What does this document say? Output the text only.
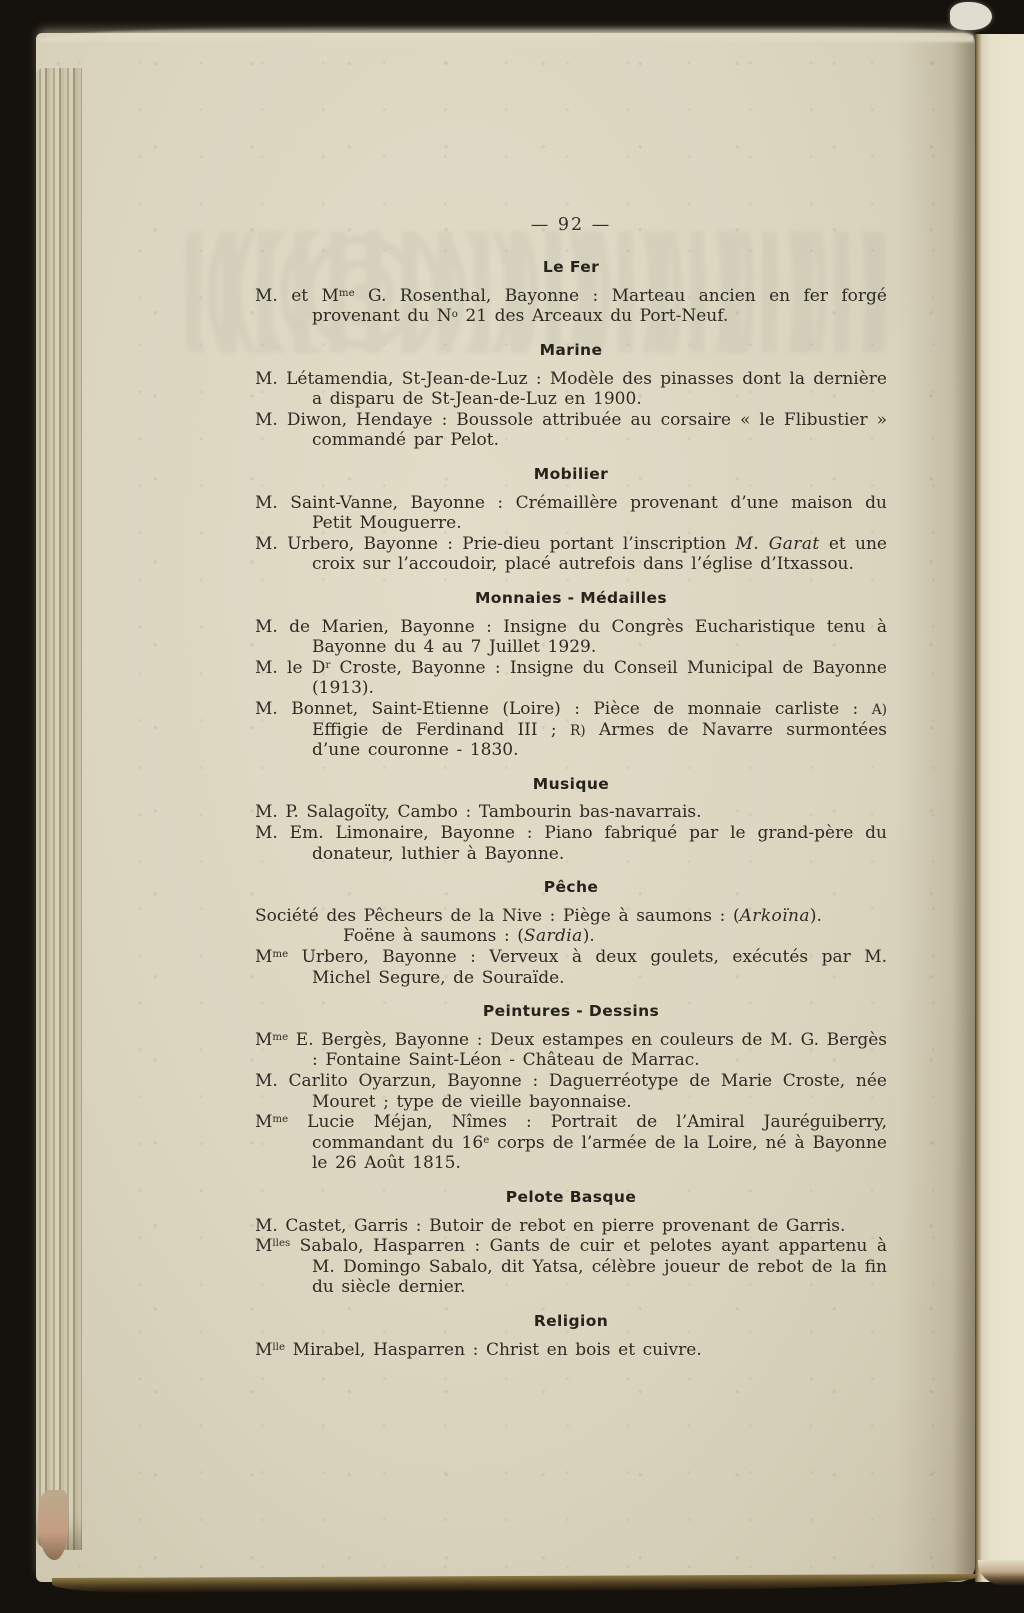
— 92 —

Le Fer

M. et $M^{me}$ G. Rosenthal, Bayonne : Marteau ancien en fer forgé provenant du $N^o$ 21 des Arceaux du Port-Neuf.

Marine

M. Létamendia, St-Jean-de-Luz : Modèle des pinasses dont la dernière a disparu de St-Jean-de-Luz en 1900.

M. Diwon, Hendaye : Boussole attribuée au corsaire « le Flibustier » commandé par Pelot.

Mobilier

M. Saint-Vanne, Bayonne : Crémaillère provenant d’une maison du Petit Mouguerre.

M. Urbero, Bayonne : Prie-dieu portant l’inscription M. Garat et une croix sur l’accoudoir, placé autrefois dans l’église d’Itxassou.

Monnaies - Médailles

M. de Marien, Bayonne : Insigne du Congrès Eucharistique tenu à Bayonne du 4 au 7 Juillet 1929.

M. le $D^r$ Croste, Bayonne : Insigne du Conseil Municipal de Bayonne (1913).

M. Bonnet, Saint-Etienne (Loire) : Pièce de monnaie carliste : A) Effigie de Ferdinand III ; R) Armes de Navarre surmontées d’une couronne - 1830.

Musique

M. P. Salagoïty, Cambo : Tambourin bas-navarrais.

M. Em. Limonaire, Bayonne : Piano fabriqué par le grand-père du donateur, luthier à Bayonne.

Pêche

Société des Pêcheurs de la Nive : Piège à saumons : (Arkoïna).

Foëne à saumons : (Sardia).

$M^{me}$ Urbero, Bayonne : Verveux à deux goulets, exécutés par M. Michel Segure, de Souraïde.

Peintures - Dessins

$M^{me}$ E. Bergès, Bayonne : Deux estampes en couleurs de M. G. Bergès : Fontaine Saint-Léon - Château de Marrac.

M. Carlito Oyarzun, Bayonne : Daguerréotype de Marie Croste, née Mouret ; type de vieille bayonnaise.

$M^{me}$ Lucie Méjan, Nîmes : Portrait de l’Amiral Jauréguiberry, commandant du 16e corps de l’armée de la Loire, né à Bayonne le 26 Août 1815.

Pelote Basque

M. Castet, Garris : Butoir de rebot en pierre provenant de Garris.

$M^{lles}$ Sabalo, Hasparren : Gants de cuir et pelotes ayant appartenu à M. Domingo Sabalo, dit Yatsa, célèbre joueur de rebot de la fin du siècle dernier.

Religion

$M^{lle}$ Mirabel, Hasparren : Christ en bois et cuivre.
